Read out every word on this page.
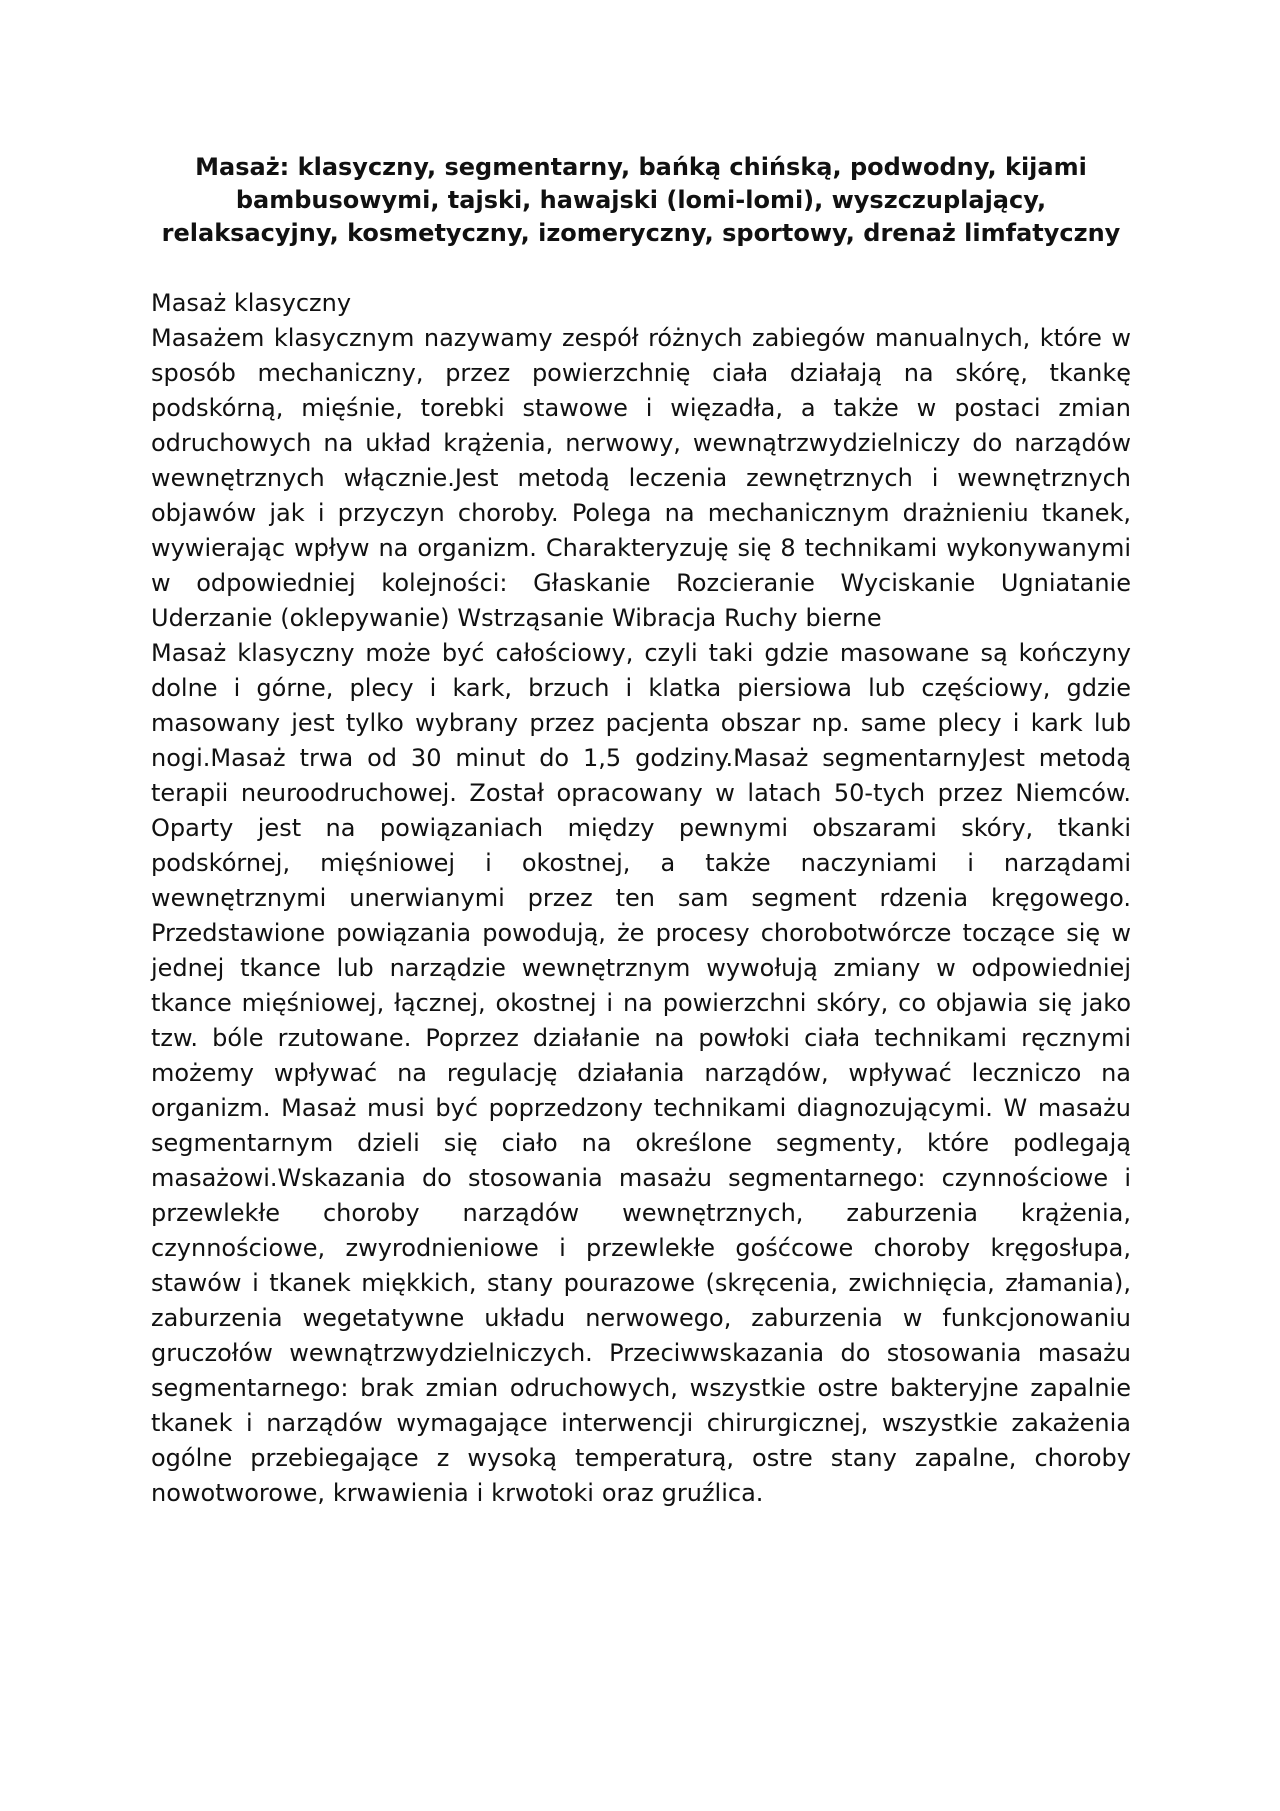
Masaż: klasyczny, segmentarny, bańką chińską, podwodny, kijami bambusowymi, tajski, hawajski (lomi-lomi), wyszczuplający, relaksacyjny, kosmetyczny, izomeryczny, sportowy, drenaż limfatyczny

Masaż klasyczny

Masażem klasycznym nazywamy zespół różnych zabiegów manualnych, które w sposób mechaniczny, przez powierzchnię ciała działają na skórę, tkankę podskórną, mięśnie, torebki stawowe i więzadła, a także w postaci zmian odruchowych na układ krążenia, nerwowy, wewnątrzwydzielniczy do narządów wewnętrznych włącznie.Jest metodą leczenia zewnętrznych i wewnętrznych objawów jak i przyczyn choroby. Polega na mechanicznym drażnieniu tkanek, wywierając wpływ na organizm. Charakteryzuję się 8 technikami wykonywanymi w odpowiedniej kolejności: Głaskanie Rozcieranie Wyciskanie Ugniatanie Uderzanie (oklepywanie) Wstrząsanie Wibracja Ruchy bierne

Masaż klasyczny może być całościowy, czyli taki gdzie masowane są kończyny dolne i górne, plecy i kark, brzuch i klatka piersiowa lub częściowy, gdzie masowany jest tylko wybrany przez pacjenta obszar np. same plecy i kark lub nogi.Masaż trwa od 30 minut do 1,5 godziny.Masaż segmentarnyJest metodą terapii neuroodruchowej. Został opracowany w latach 50-tych przez Niemców. Oparty jest na powiązaniach między pewnymi obszarami skóry, tkanki podskórnej, mięśniowej i okostnej, a także naczyniami i narządami wewnętrznymi unerwianymi przez ten sam segment rdzenia kręgowego. Przedstawione powiązania powodują, że procesy chorobotwórcze toczące się w jednej tkance lub narządzie wewnętrznym wywołują zmiany w odpowiedniej tkance mięśniowej, łącznej, okostnej i na powierzchni skóry, co objawia się jako tzw. bóle rzutowane. Poprzez działanie na powłoki ciała technikami ręcznymi możemy wpływać na regulację działania narządów, wpływać leczniczo na organizm. Masaż musi być poprzedzony technikami diagnozującymi. W masażu segmentarnym dzieli się ciało na określone segmenty, które podlegają masażowi.Wskazania do stosowania masażu segmentarnego: czynnościowe i przewlekłe choroby narządów wewnętrznych, zaburzenia krążenia, czynnościowe, zwyrodnieniowe i przewlekłe gośćcowe choroby kręgosłupa, stawów i tkanek miękkich, stany pourazowe (skręcenia, zwichnięcia, złamania), zaburzenia wegetatywne układu nerwowego, zaburzenia w funkcjonowaniu gruczołów wewnątrzwydzielniczych. Przeciwwskazania do stosowania masażu segmentarnego: brak zmian odruchowych, wszystkie ostre bakteryjne zapalnie tkanek i narządów wymagające interwencji chirurgicznej, wszystkie zakażenia ogólne przebiegające z wysoką temperaturą, ostre stany zapalne, choroby nowotworowe, krwawienia i krwotoki oraz gruźlica.
